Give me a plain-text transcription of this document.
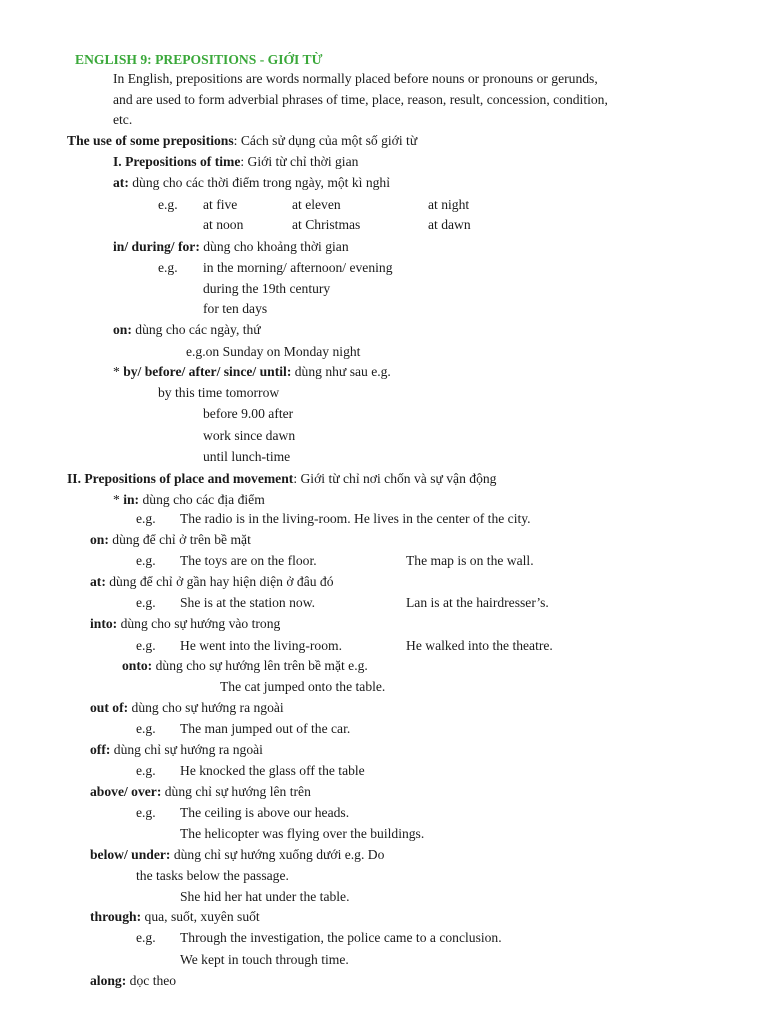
ENGLISH 9: PREPOSITIONS - GIỚI TỪ
In English, prepositions are words normally placed before nouns or pronouns or gerunds,
and are used to form adverbial phrases of time, place, reason, result, concession, condition,
etc.
The use of some prepositions: Cách sử dụng của một số giới từ
I. Prepositions of time: Giới từ chỉ thời gian
at: dùng cho các thời điểm trong ngày, một kì nghỉ
e.g. at five	at eleven	at night
at noon	at Christmas	at dawn
in/ during/ for: dùng cho khoảng thời gian
e.g. in the morning/ afternoon/ evening
during the 19th century
for ten days
on: dùng cho các ngày, thứ
e.g.on Sunday on Monday night
* by/ before/ after/ since/ until: dùng như sau e.g.
by this time tomorrow
before 9.00 after
work since dawn
until lunch-time
II. Prepositions of place and movement: Giới từ chỉ nơi chốn và sự vận động
* in: dùng cho các địa điểm
e.g. The radio is in the living-room. He lives in the center of the city.
on: dùng để chỉ ở trên bề mặt
e.g. The toys are on the floor.	The map is on the wall.
at: dùng để chỉ ở gần hay hiện diện ở đâu đó
e.g. She is at the station now.	Lan is at the hairdresser’s.
into: dùng cho sự hướng vào trong
e.g. He went into the living-room.	He walked into the theatre.
onto: dùng cho sự hướng lên trên bề mặt e.g.
The cat jumped onto the table.
out of: dùng cho sự hướng ra ngoài
e.g. The man jumped out of the car.
off: dùng chỉ sự hướng ra ngoài
e.g. He knocked the glass off the table
above/ over: dùng chỉ sự hướng lên trên
e.g. The ceiling is above our heads.
The helicopter was flying over the buildings.
below/ under: dùng chỉ sự hướng xuống dưới e.g. Do
the tasks below the passage.
She hid her hat under the table.
through: qua, suốt, xuyên suốt
e.g. Through the investigation, the police came to a conclusion.
We kept in touch through time.
along: dọc theo
